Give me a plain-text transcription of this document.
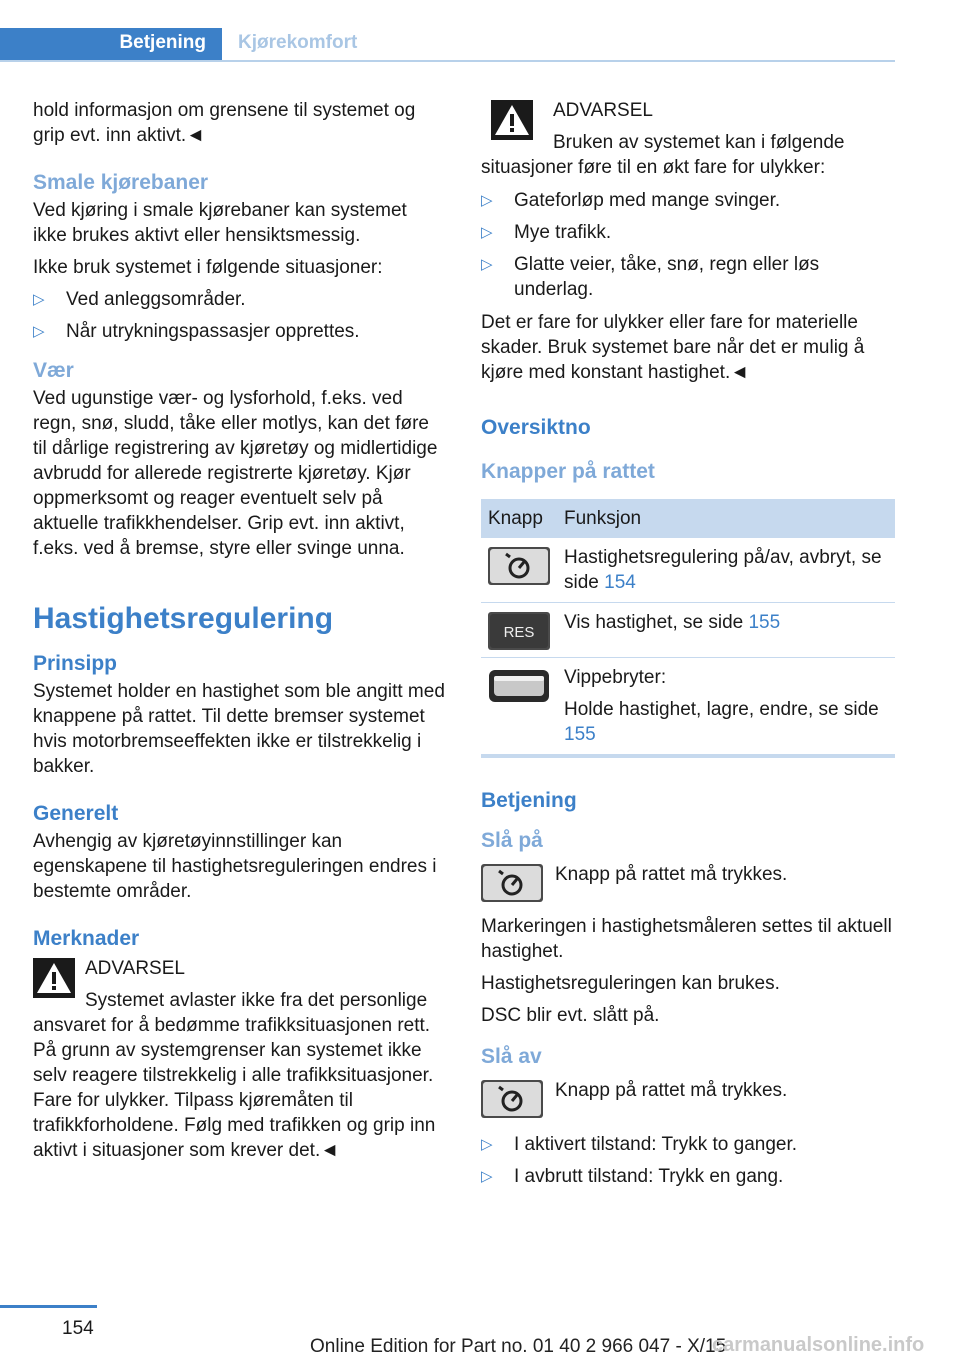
Betjening	Kjørekomfort

hold informasjon om grensene til systemet og grip evt. inn aktivt.◄

Smale kjørebaner

Ved kjøring i smale kjørebaner kan systemet ikke brukes aktivt eller hensiktsmessig.

Ikke bruk systemet i følgende situasjoner:

▷ Ved anleggsområder.
▷ Når utrykningspassasjer opprettes.
Vær

Ved ugunstige vær- og lysforhold, f.eks. ved regn, snø, sludd, tåke eller motlys, kan det føre til dårlige registrering av kjøretøy og midlertidige avbrudd for allerede registrerte kjøretøy. Kjør oppmerksomt og reager eventuelt selv på aktuelle trafikkhendelser. Grip evt. inn aktivt, f.eks. ved å bremse, styre eller svinge unna.

Hastighetsregulering
Prinsipp

Systemet holder en hastighet som ble angitt med knappene på rattet. Til dette bremser systemet hvis motorbremseeffekten ikke er tilstrekkelig i bakker.

Generelt

Avhengig av kjøretøyinnstillinger kan egenskapene til hastighetsreguleringen endres i bestemte områder.

Merknader
ADVARSEL
Systemet avlaster ikke fra det personlige ansvaret for å bedømme trafikksituasjonen rett. På grunn av systemgrenser kan systemet ikke selv reagere tilstrekkelig i alle trafikksituasjoner. Fare for ulykker. Tilpass kjøremåten til trafikkforholdene. Følg med trafikken og grip inn aktivt i situasjoner som krever det.◄
ADVARSEL
Bruken av systemet kan i følgende situasjoner føre til en økt fare for ulykker:
▷ Gateforløp med mange svinger.
▷ Mye trafikk.
▷ Glatte veier, tåke, snø, regn eller løs underlag.

Det er fare for ulykker eller fare for materielle skader. Bruk systemet bare når det er mulig å kjøre med konstant hastighet.◄

Oversiktno
Knapper på rattet
Knapp	Funksjon

	Hastighetsregulering på/av, avbryt, se side 154

RES	Vis hastighet, se side 155

Vippebryter:

Holde hastighet, lagre, endre, se side 155
Betjening
Slå på

Knapp på rattet må trykkes.

Markeringen i hastighetsmåleren settes til aktuell hastighet.

Hastighetsreguleringen kan brukes.

DSC blir evt. slått på.

Slå av

Knapp på rattet må trykkes.

▷ I aktivert tilstand: Trykk to ganger.
▷ I avbrutt tilstand: Trykk en gang.
154
Online Edition for Part no. 01 40 2 966 047 - X/15
carmanualsonline.info
